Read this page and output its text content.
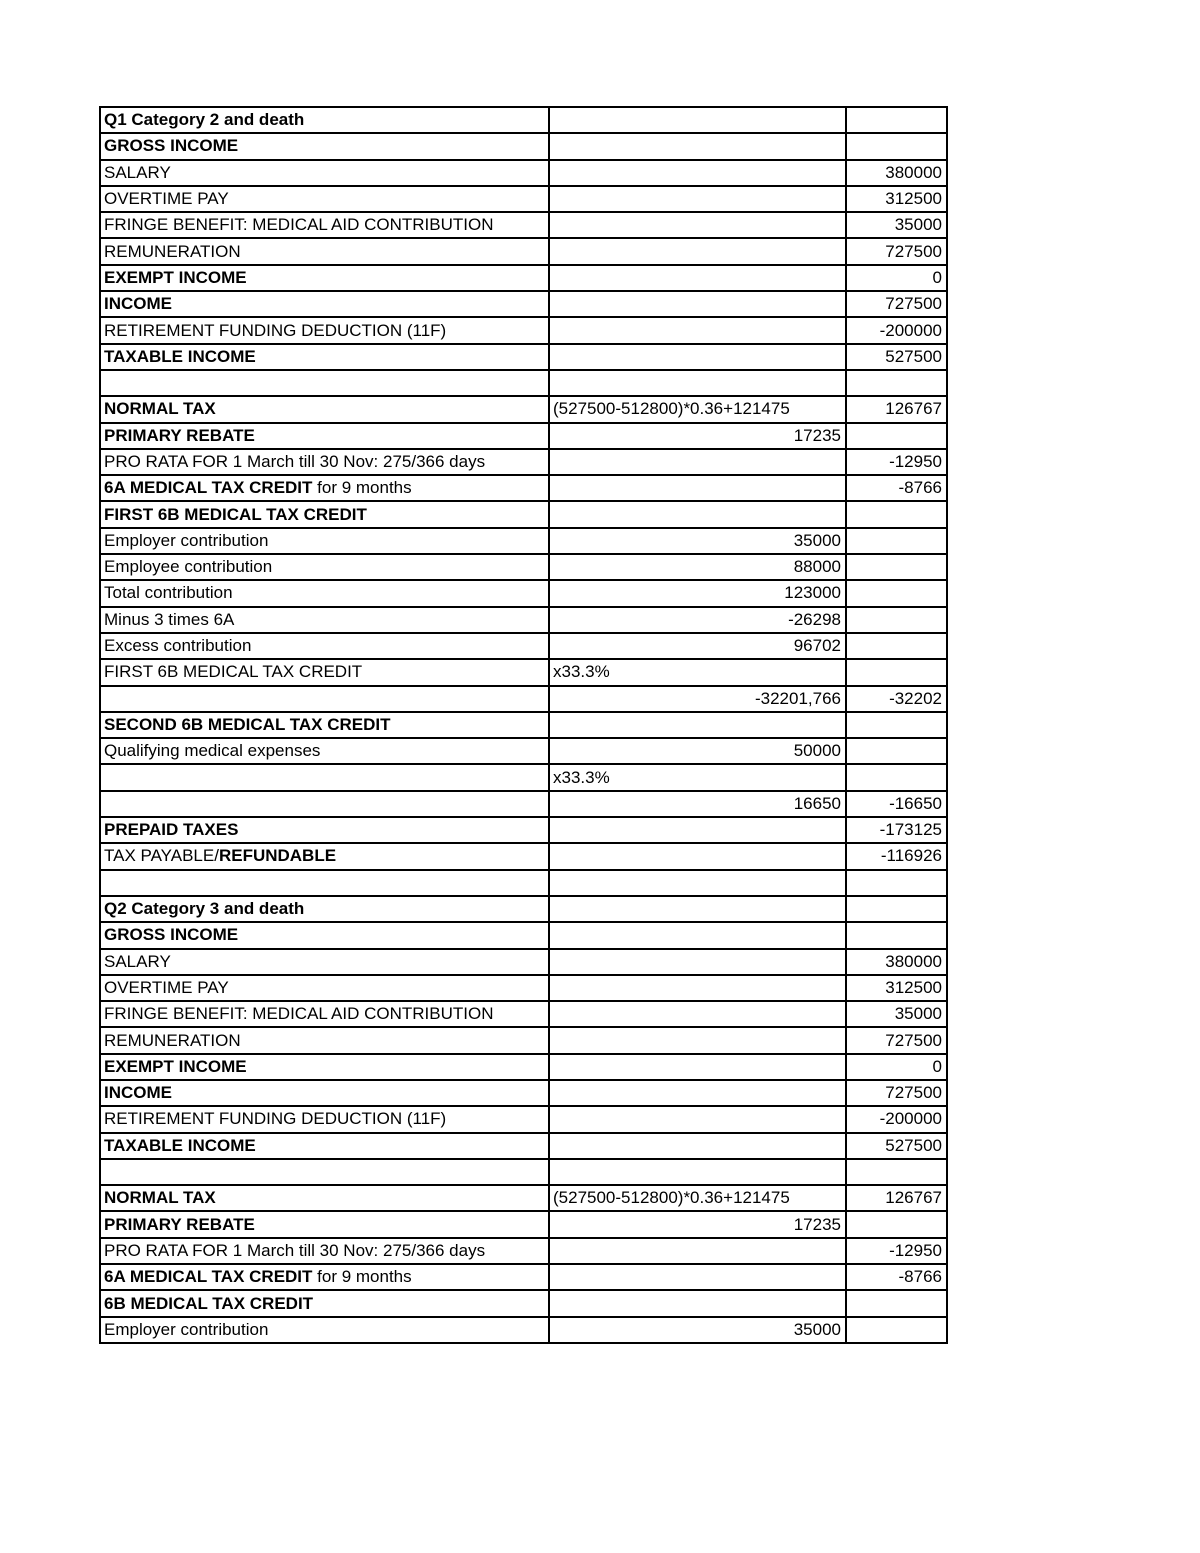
Q1 Category 2 and death		
GROSS INCOME		
SALARY		380000
OVERTIME PAY		312500
FRINGE BENEFIT: MEDICAL AID CONTRIBUTION		35000
REMUNERATION		727500
EXEMPT INCOME		0
INCOME		727500
RETIREMENT FUNDING DEDUCTION (11F)		-200000
TAXABLE INCOME		527500

NORMAL TAX	(527500-512800)*0.36+121475	126767
PRIMARY REBATE	17235	
PRO RATA FOR 1 March till 30 Nov: 275/366 days		-12950
6A MEDICAL TAX CREDIT for 9 months		-8766
FIRST 6B MEDICAL TAX CREDIT		
Employer contribution	35000	
Employee contribution	88000	
Total contribution	123000	
Minus 3 times 6A	-26298	
Excess contribution	96702	
FIRST 6B MEDICAL TAX CREDIT	x33.3%	
	-32201,766	-32202
SECOND 6B MEDICAL TAX CREDIT		
Qualifying medical expenses	50000	
	x33.3%	
	16650	-16650
PREPAID TAXES		-173125
TAX PAYABLE/REFUNDABLE		-116926

Q2 Category 3 and death		
GROSS INCOME		
SALARY		380000
OVERTIME PAY		312500
FRINGE BENEFIT: MEDICAL AID CONTRIBUTION		35000
REMUNERATION		727500
EXEMPT INCOME		0
INCOME		727500
RETIREMENT FUNDING DEDUCTION (11F)		-200000
TAXABLE INCOME		527500

NORMAL TAX	(527500-512800)*0.36+121475	126767
PRIMARY REBATE	17235	
PRO RATA FOR 1 March till 30 Nov: 275/366 days		-12950
6A MEDICAL TAX CREDIT for 9 months		-8766
6B MEDICAL TAX CREDIT		
Employer contribution	35000	
